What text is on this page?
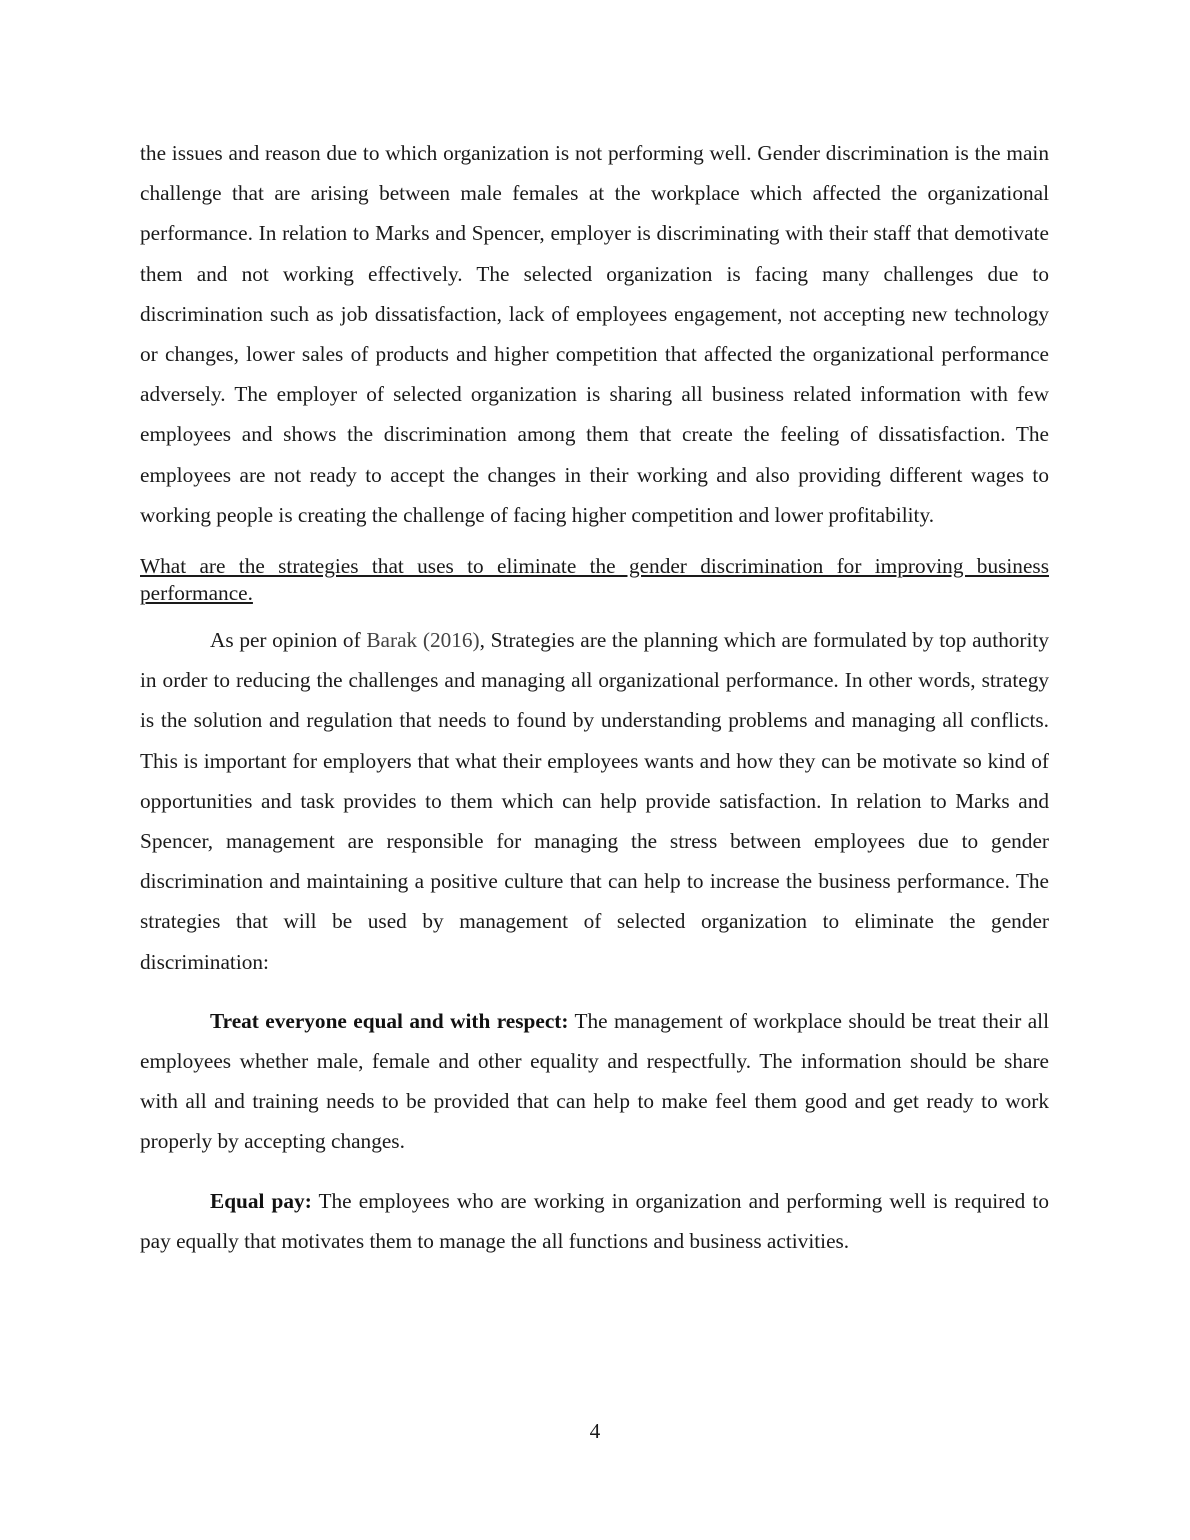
the issues and reason due to which organization is not performing well. Gender discrimination is the main challenge that are arising between male females at the workplace which affected the organizational performance. In relation to Marks and Spencer, employer is discriminating with their staff that demotivate them and not working effectively. The selected organization is facing many challenges due to discrimination such as job dissatisfaction, lack of employees engagement, not accepting new technology or changes, lower sales of products and higher competition that affected the organizational performance adversely. The employer of selected organization is sharing all business related information with few employees and shows the discrimination among them that create the feeling of dissatisfaction. The employees are not ready to accept the changes in their working and also providing different wages to working people is creating the challenge of facing higher competition and lower profitability.

What are the strategies that uses to eliminate the gender discrimination for improving business performance.

As per opinion of Barak (2016), Strategies are the planning which are formulated by top authority in order to reducing the challenges and managing all organizational performance. In other words, strategy is the solution and regulation that needs to found by understanding problems and managing all conflicts. This is important for employers that what their employees wants and how they can be motivate so kind of opportunities and task provides to them which can help provide satisfaction. In relation to Marks and Spencer, management are responsible for managing the stress between employees due to gender discrimination and maintaining a positive culture that can help to increase the business performance. The strategies that will be used by management of selected organization to eliminate the gender discrimination:

Treat everyone equal and with respect: The management of workplace should be treat their all employees whether male, female and other equality and respectfully. The information should be share with all and training needs to be provided that can help to make feel them good and get ready to work properly by accepting changes.

Equal pay: The employees who are working in organization and performing well is required to pay equally that motivates them to manage the all functions and business activities.

4
